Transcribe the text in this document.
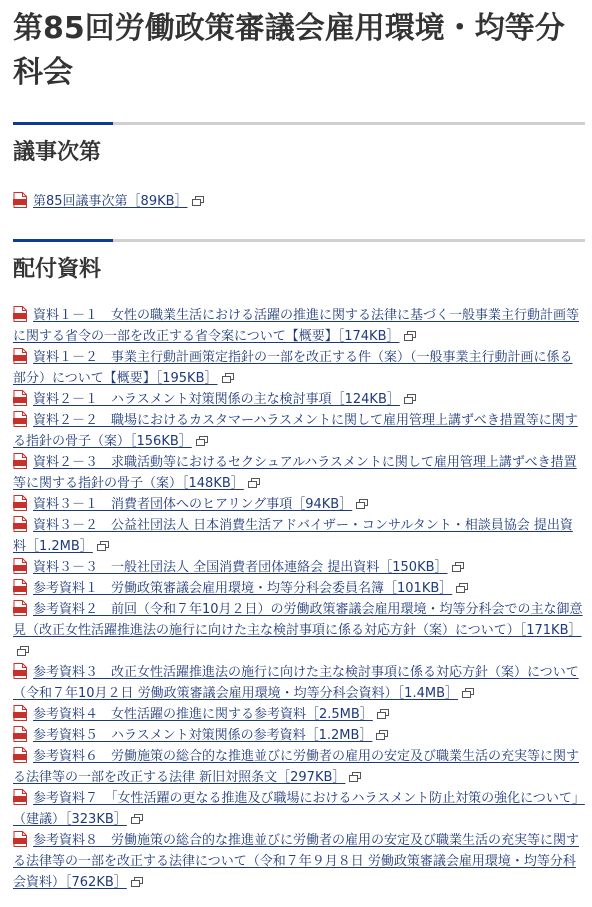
第85回労働政策審議会雇用環境・均等分科会
議事次第
第85回議事次第［89KB］
配付資料
資料１－１　女性の職業生活における活躍の推進に関する法律に基づく一般事業主行動計画等に関する省令の一部を改正する省令案について【概要】［174KB］
資料１－２　事業主行動計画策定指針の一部を改正する件（案）（一般事業主行動計画に係る部分）について【概要】［195KB］
資料２－１　ハラスメント対策関係の主な検討事項［124KB］
資料２－２　職場におけるカスタマーハラスメントに関して雇用管理上講ずべき措置等に関する指針の骨子（案）［156KB］
資料２－３　求職活動等におけるセクシュアルハラスメントに関して雇用管理上講ずべき措置等に関する指針の骨子（案）［148KB］
資料３－１　消費者団体へのヒアリング事項［94KB］
資料３－２　公益社団法人 日本消費生活アドバイザー・コンサルタント・相談員協会 提出資料［1.2MB］
資料３－３　一般社団法人 全国消費者団体連絡会 提出資料［150KB］
参考資料１　労働政策審議会雇用環境・均等分科会委員名簿［101KB］
参考資料２　前回（令和７年10月２日）の労働政策審議会雇用環境・均等分科会での主な御意見（改正女性活躍推進法の施行に向けた主な検討事項に係る対応方針（案）について）［171KB］
参考資料３　改正女性活躍推進法の施行に向けた主な検討事項に係る対応方針（案）について（令和７年10月２日 労働政策審議会雇用環境・均等分科会資料）［1.4MB］
参考資料４　女性活躍の推進に関する参考資料［2.5MB］
参考資料５　ハラスメント対策関係の参考資料［1.2MB］
参考資料６　労働施策の総合的な推進並びに労働者の雇用の安定及び職業生活の充実等に関する法律等の一部を改正する法律 新旧対照条文［297KB］
参考資料７　「女性活躍の更なる推進及び職場におけるハラスメント防止対策の強化について」（建議）［323KB］
参考資料８　労働施策の総合的な推進並びに労働者の雇用の安定及び職業生活の充実等に関する法律等の一部を改正する法律について（令和７年９月８日 労働政策審議会雇用環境・均等分科会資料）［762KB］
